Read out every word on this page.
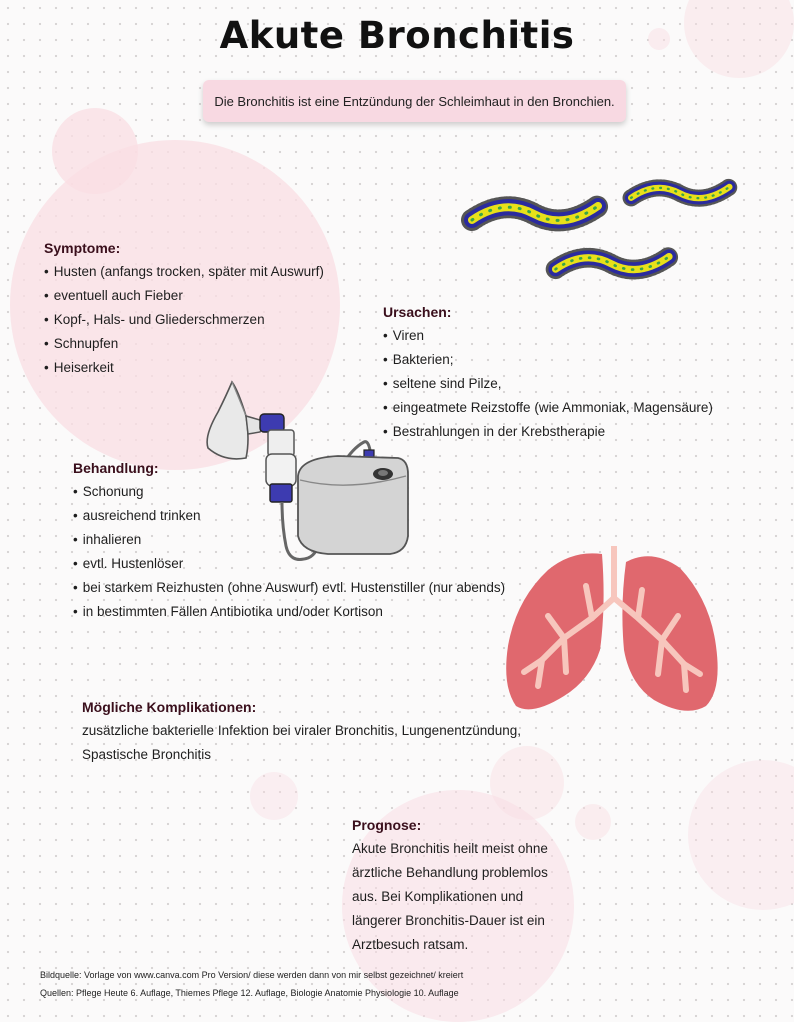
Akute Bronchitis
Die Bronchitis ist eine Entzündung der Schleimhaut in den Bronchien.
Symptome:
• Husten (anfangs trocken, später mit Auswurf)
• eventuell auch Fieber
• Kopf-, Hals- und Gliederschmerzen
• Schnupfen
• Heiserkeit
Ursachen:
• Viren
• Bakterien;
• seltene sind Pilze,
• eingeatmete Reizstoffe (wie Ammoniak, Magensäure)
• Bestrahlungen in der Krebstherapie
Behandlung:
• Schonung
• ausreichend trinken
• inhalieren
• evtl. Hustenlöser
• bei starkem Reizhusten (ohne Auswurf) evtl. Hustenstiller (nur abends)
• in bestimmten Fällen Antibiotika und/oder Kortison
Mögliche Komplikationen:

zusätzliche bakterielle Infektion bei viraler Bronchitis, Lungenentzündung,

Spastische Bronchitis

Prognose:

Akute Bronchitis heilt meist ohne

ärztliche Behandlung problemlos

aus. Bei Komplikationen und

längerer Bronchitis-Dauer ist ein

Arztbesuch ratsam.

Bildquelle: Vorlage von www.canva.com Pro Version/ diese werden dann von mir selbst gezeichnet/ kreiert
Quellen: Pflege Heute 6. Auflage, Thiemes Pflege 12. Auflage, Biologie Anatomie Physiologie 10. Auflage
